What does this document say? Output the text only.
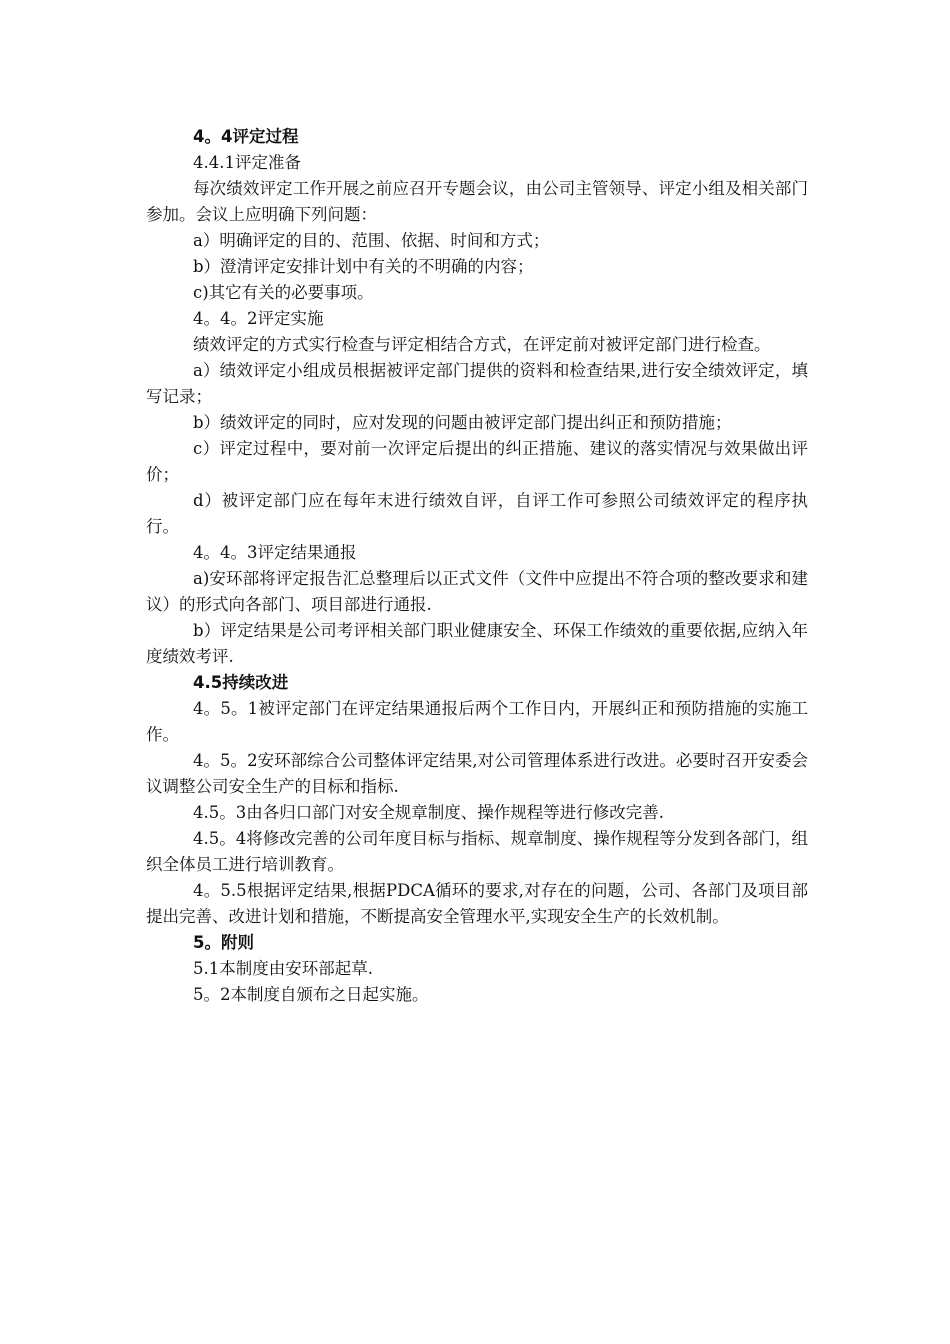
4。4评定过程

4.4.1评定准备

每次绩效评定工作开展之前应召开专题会议，由公司主管领导、评定小组及相关部门参加。会议上应明确下列问题：

a）明确评定的目的、范围、依据、时间和方式；

b）澄清评定安排计划中有关的不明确的内容；

c)其它有关的必要事项。

4。4。2评定实施

绩效评定的方式实行检查与评定相结合方式，在评定前对被评定部门进行检查。

a）绩效评定小组成员根据被评定部门提供的资料和检查结果,进行安全绩效评定，填写记录；

b）绩效评定的同时，应对发现的问题由被评定部门提出纠正和预防措施；

c）评定过程中，要对前一次评定后提出的纠正措施、建议的落实情况与效果做出评价；

d）被评定部门应在每年末进行绩效自评，自评工作可参照公司绩效评定的程序执行。

4。4。3评定结果通报

a)安环部将评定报告汇总整理后以正式文件（文件中应提出不符合项的整改要求和建议）的形式向各部门、项目部进行通报.

b）评定结果是公司考评相关部门职业健康安全、环保工作绩效的重要依据,应纳入年度绩效考评.

4.5持续改进

4。5。1被评定部门在评定结果通报后两个工作日内，开展纠正和预防措施的实施工作。

4。5。2安环部综合公司整体评定结果,对公司管理体系进行改进。必要时召开安委会议调整公司安全生产的目标和指标.

4.5。3由各归口部门对安全规章制度、操作规程等进行修改完善.

4.5。4将修改完善的公司年度目标与指标、规章制度、操作规程等分发到各部门，组织全体员工进行培训教育。

4。5.5根据评定结果,根据PDCA循环的要求,对存在的问题，公司、各部门及项目部提出完善、改进计划和措施，不断提高安全管理水平,实现安全生产的长效机制。

5。附则

5.1本制度由安环部起草.

5。2本制度自颁布之日起实施。
